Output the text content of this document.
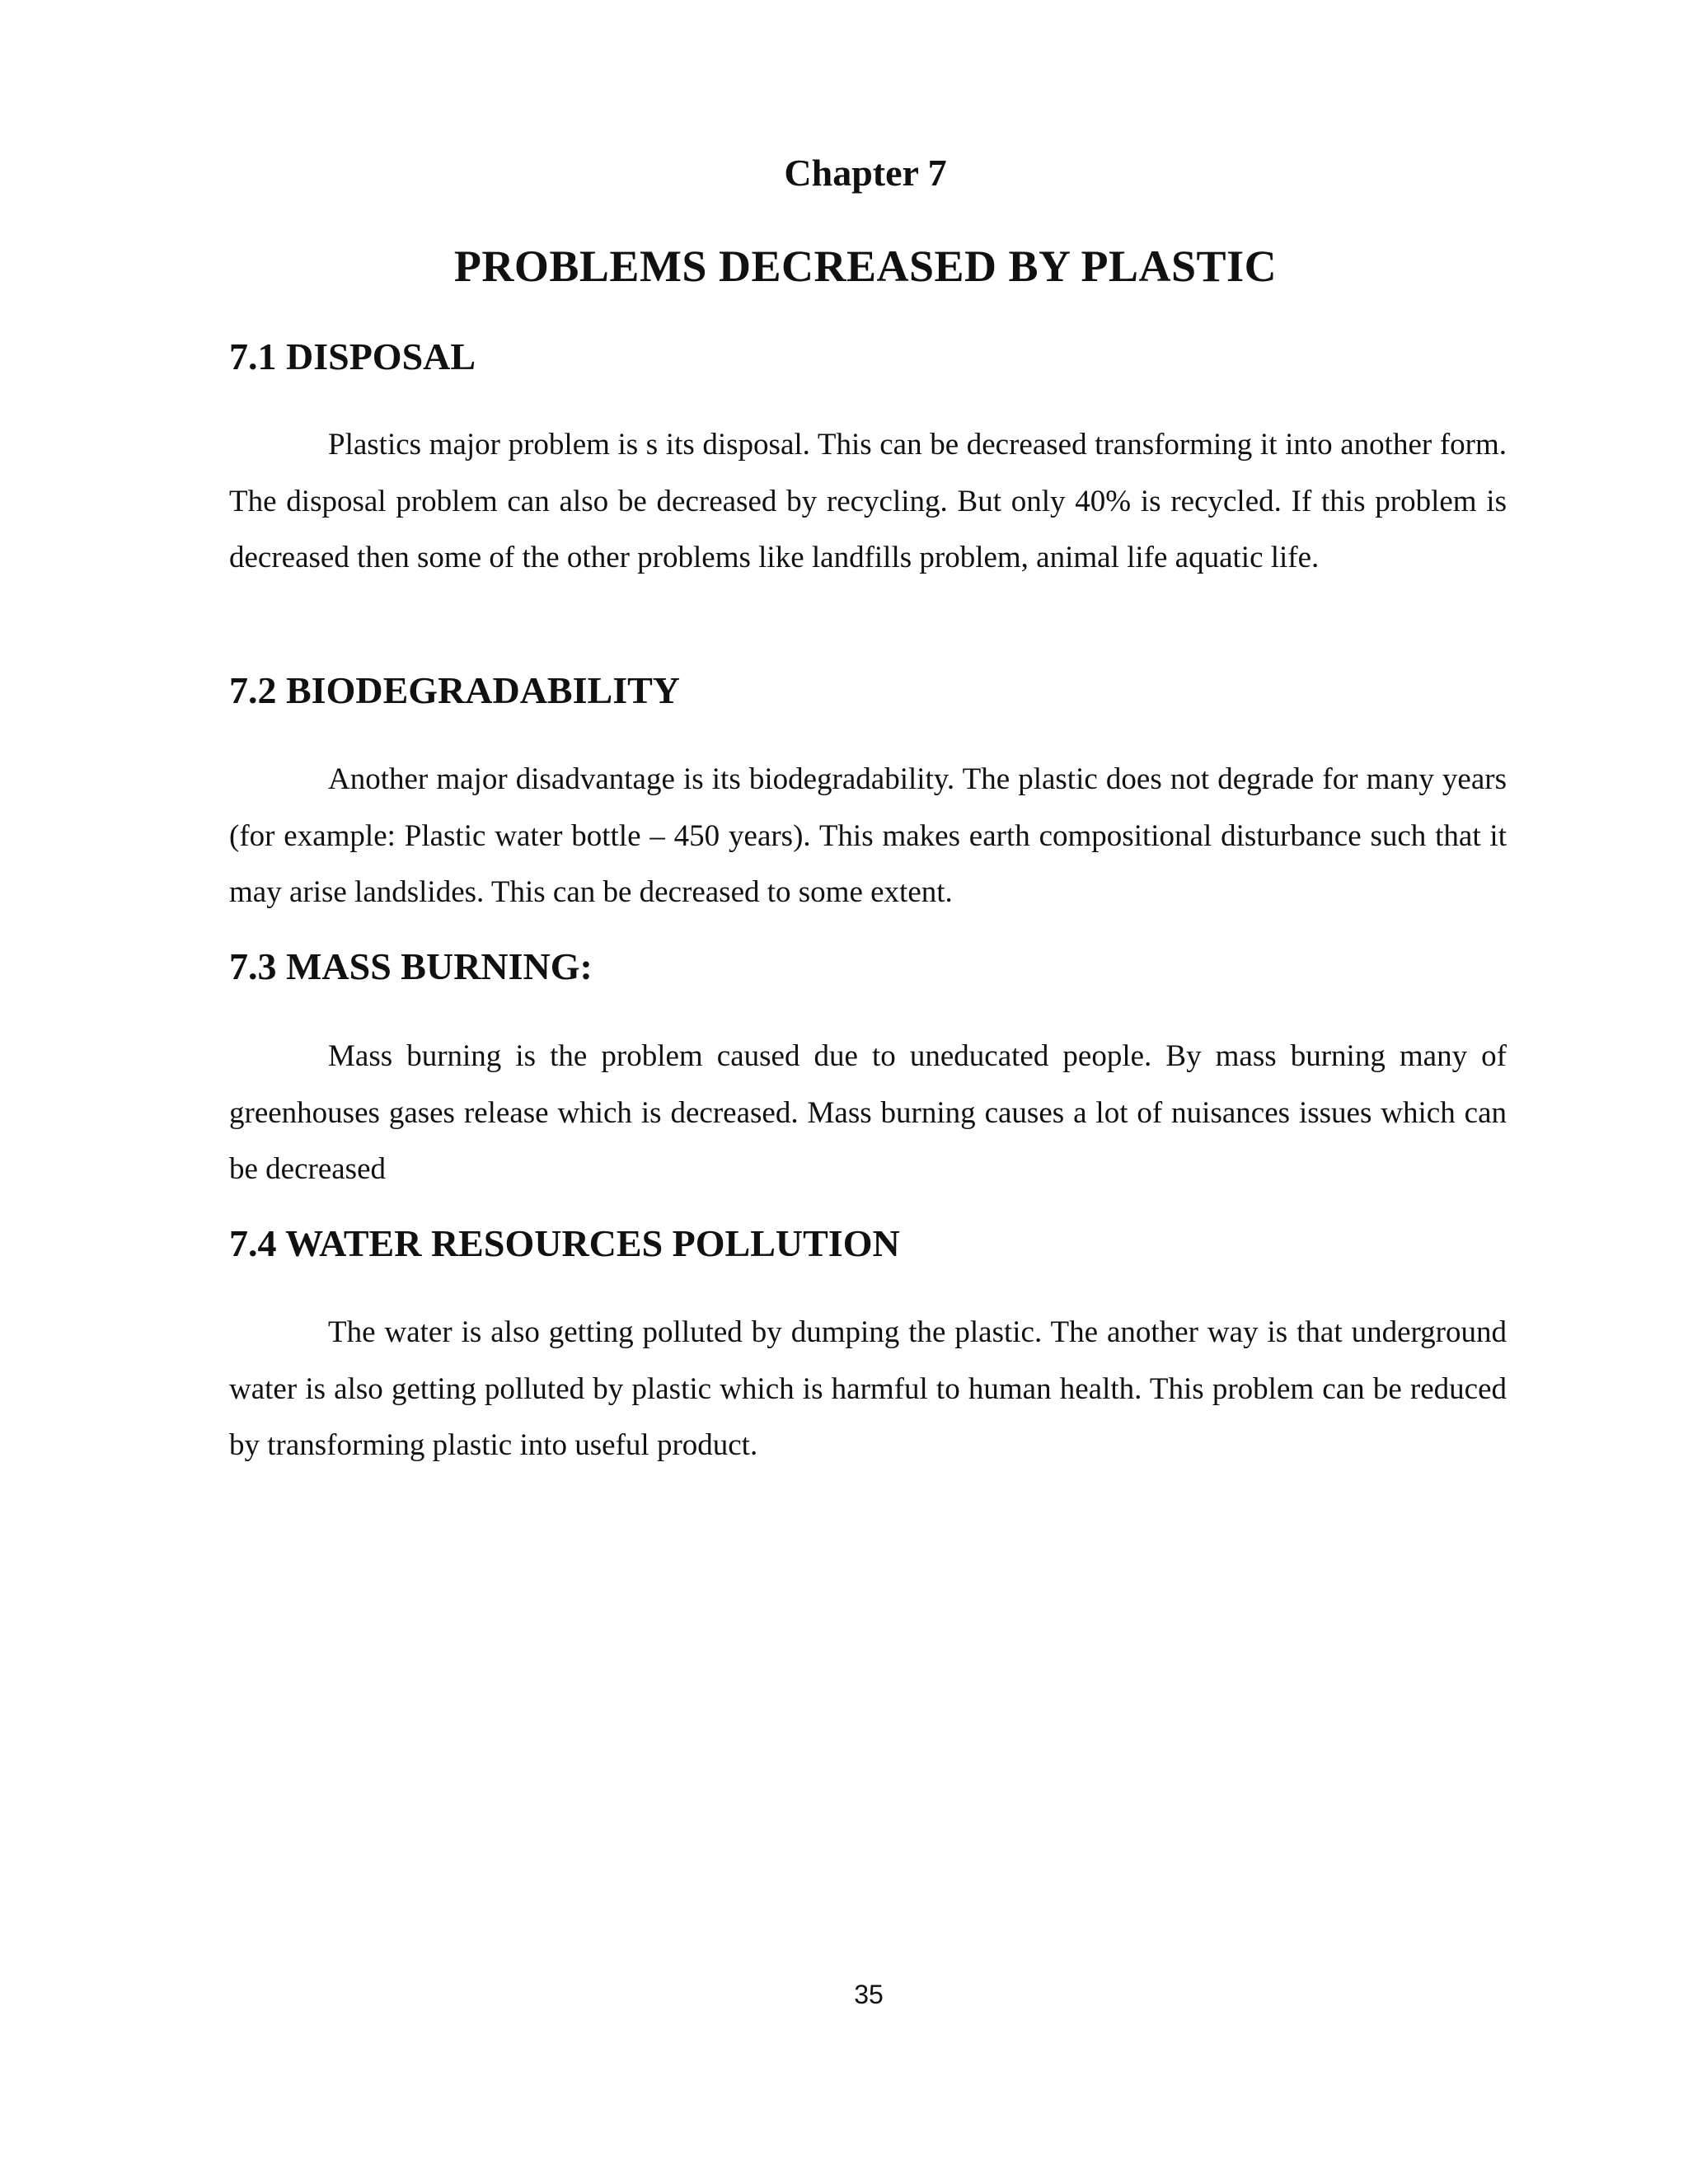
Chapter 7
PROBLEMS DECREASED BY PLASTIC
7.1 DISPOSAL

Plastics major problem is s its disposal. This can be decreased transforming it into another form. The disposal problem can also be decreased by recycling. But only 40% is recycled. If this problem is decreased then some of the other problems like landfills problem, animal life aquatic life.

7.2 BIODEGRADABILITY

Another major disadvantage is its biodegradability. The plastic does not degrade for many years (for example: Plastic water bottle – 450 years). This makes earth compositional disturbance such that it may arise landslides. This can be decreased to some extent.

7.3 MASS BURNING:

Mass burning is the problem caused due to uneducated people. By mass burning many of greenhouses gases release which is decreased. Mass burning causes a lot of nuisances issues which can be decreased

7.4 WATER RESOURCES POLLUTION

The water is also getting polluted by dumping the plastic. The another way is that underground water is also getting polluted by plastic which is harmful to human health. This problem can be reduced by transforming plastic into useful product.

35
